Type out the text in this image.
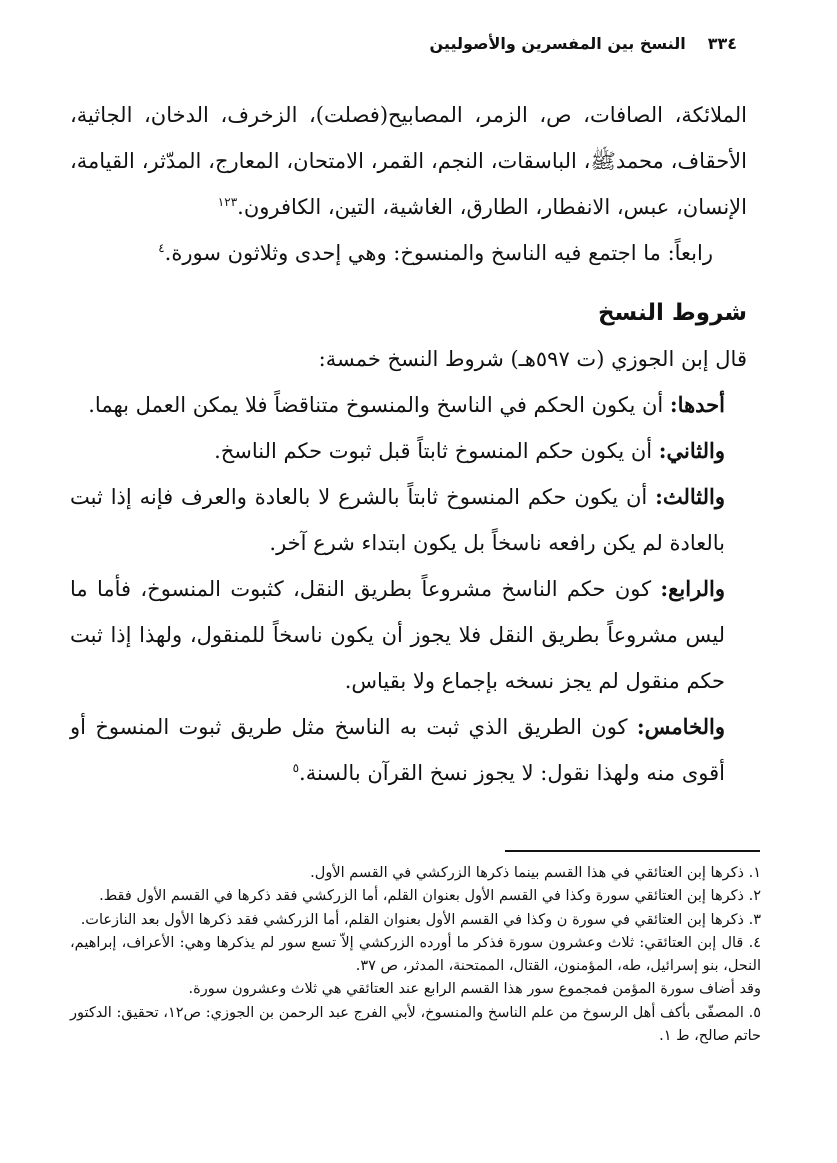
٣٣٤
النسخ بين المفسرين والأصوليين

الملائكة، الصافات، ص، الزمر، المصابيح(فصلت)، الزخرف، الدخان، الجاثية، الأحقاف، محمدﷺ، الباسقات، النجم، القمر، الامتحان، المعارج، المدّثر، القيامة، الإنسان، عبس، الانفطار، الطارق، الغاشية، التين، الكافرون.$^{١٢٣}$

رابعاً: ما اجتمع فيه الناسخ والمنسوخ: وهي إحدى وثلاثون سورة.$^٤$

شروط النسخ

قال إبن الجوزي (ت ٥٩٧هـ) شروط النسخ خمسة:

أحدها: أن يكون الحكم في الناسخ والمنسوخ متناقضاً فلا يمكن العمل بهما.

والثاني: أن يكون حكم المنسوخ ثابتاً قبل ثبوت حكم الناسخ.

والثالث: أن يكون حكم المنسوخ ثابتاً بالشرع لا بالعادة والعرف فإنه إذا ثبت بالعادة لم يكن رافعه ناسخاً بل يكون ابتداء شرع آخر.

والرابع: كون حكم الناسخ مشروعاً بطريق النقل، كثبوت المنسوخ، فأما ما ليس مشروعاً بطريق النقل فلا يجوز أن يكون ناسخاً للمنقول، ولهذا إذا ثبت حكم منقول لم يجز نسخه بإجماع ولا بقياس.

والخامس: كون الطريق الذي ثبت به الناسخ مثل طريق ثبوت المنسوخ أو أقوى منه ولهذا نقول: لا يجوز نسخ القرآن بالسنة.$^٥$

١. ذكرها إبن العتائقي في هذا القسم بينما ذكرها الزركشي في القسم الأول.

٢. ذكرها إبن العتائقي سورة وكذا في القسم الأول بعنوان القلم، أما الزركشي فقد ذكرها في القسم الأول فقط.

٣. ذكرها إبن العتائقي في سورة ن وكذا في القسم الأول بعنوان القلم، أما الزركشي فقد ذكرها الأول بعد النازعات.

٤. قال إبن العتائقي: ثلاث وعشرون سورة فذكر ما أورده الزركشي إلاّ تسع سور لم يذكرها وهي: الأعراف، إبراهيم، النحل، بنو إسرائيل، طه، المؤمنون، القتال، الممتحنة، المدثر، ص ٣٧.

وقد أضاف سورة المؤمن فمجموع سور هذا القسم الرابع عند العتائقي هي ثلاث وعشرون سورة.

٥. المصفّى بأكف أهل الرسوخ من علم الناسخ والمنسوخ، لأبي الفرج عبد الرحمن بن الجوزي: ص١٢، تحقيق: الدكتور حاتم صالح، ط ١.
